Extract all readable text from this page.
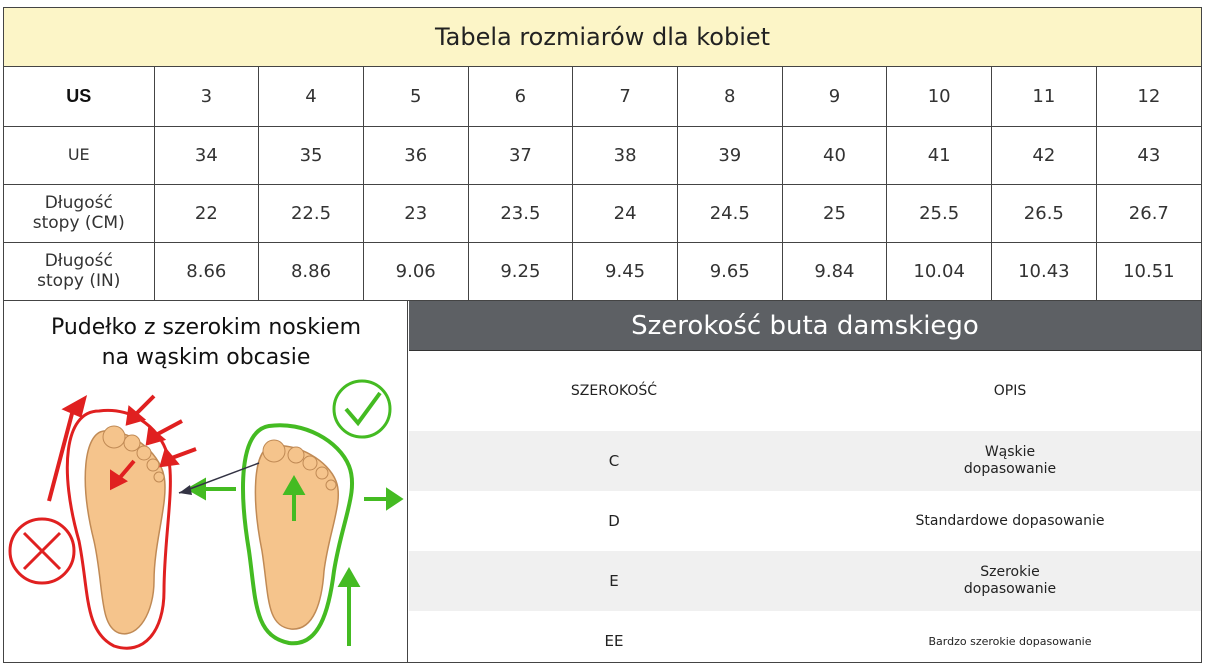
Tabela rozmiarów dla kobiet
US	3	4	5	6	7	8	9	10	11	12
UE	34	35	36	37	38	39	40	41	42	43

Długość
stopy (CM)	22	22.5	23	23.5	24	24.5	25	25.5	26.5	26.7

Długość
stopy (IN)	8.66	8.86	9.06	9.25	9.45	9.65	9.84	10.04	10.43	10.51
Pudełko z szerokim noskiem
na wąskim obcasie
Szerokość buta damskiego
SZEROKOŚĆ	OPIS
C	Wąskie
dopasowanie
D	Standardowe dopasowanie
E	Szerokie
dopasowanie
EE	Bardzo szerokie dopasowanie
